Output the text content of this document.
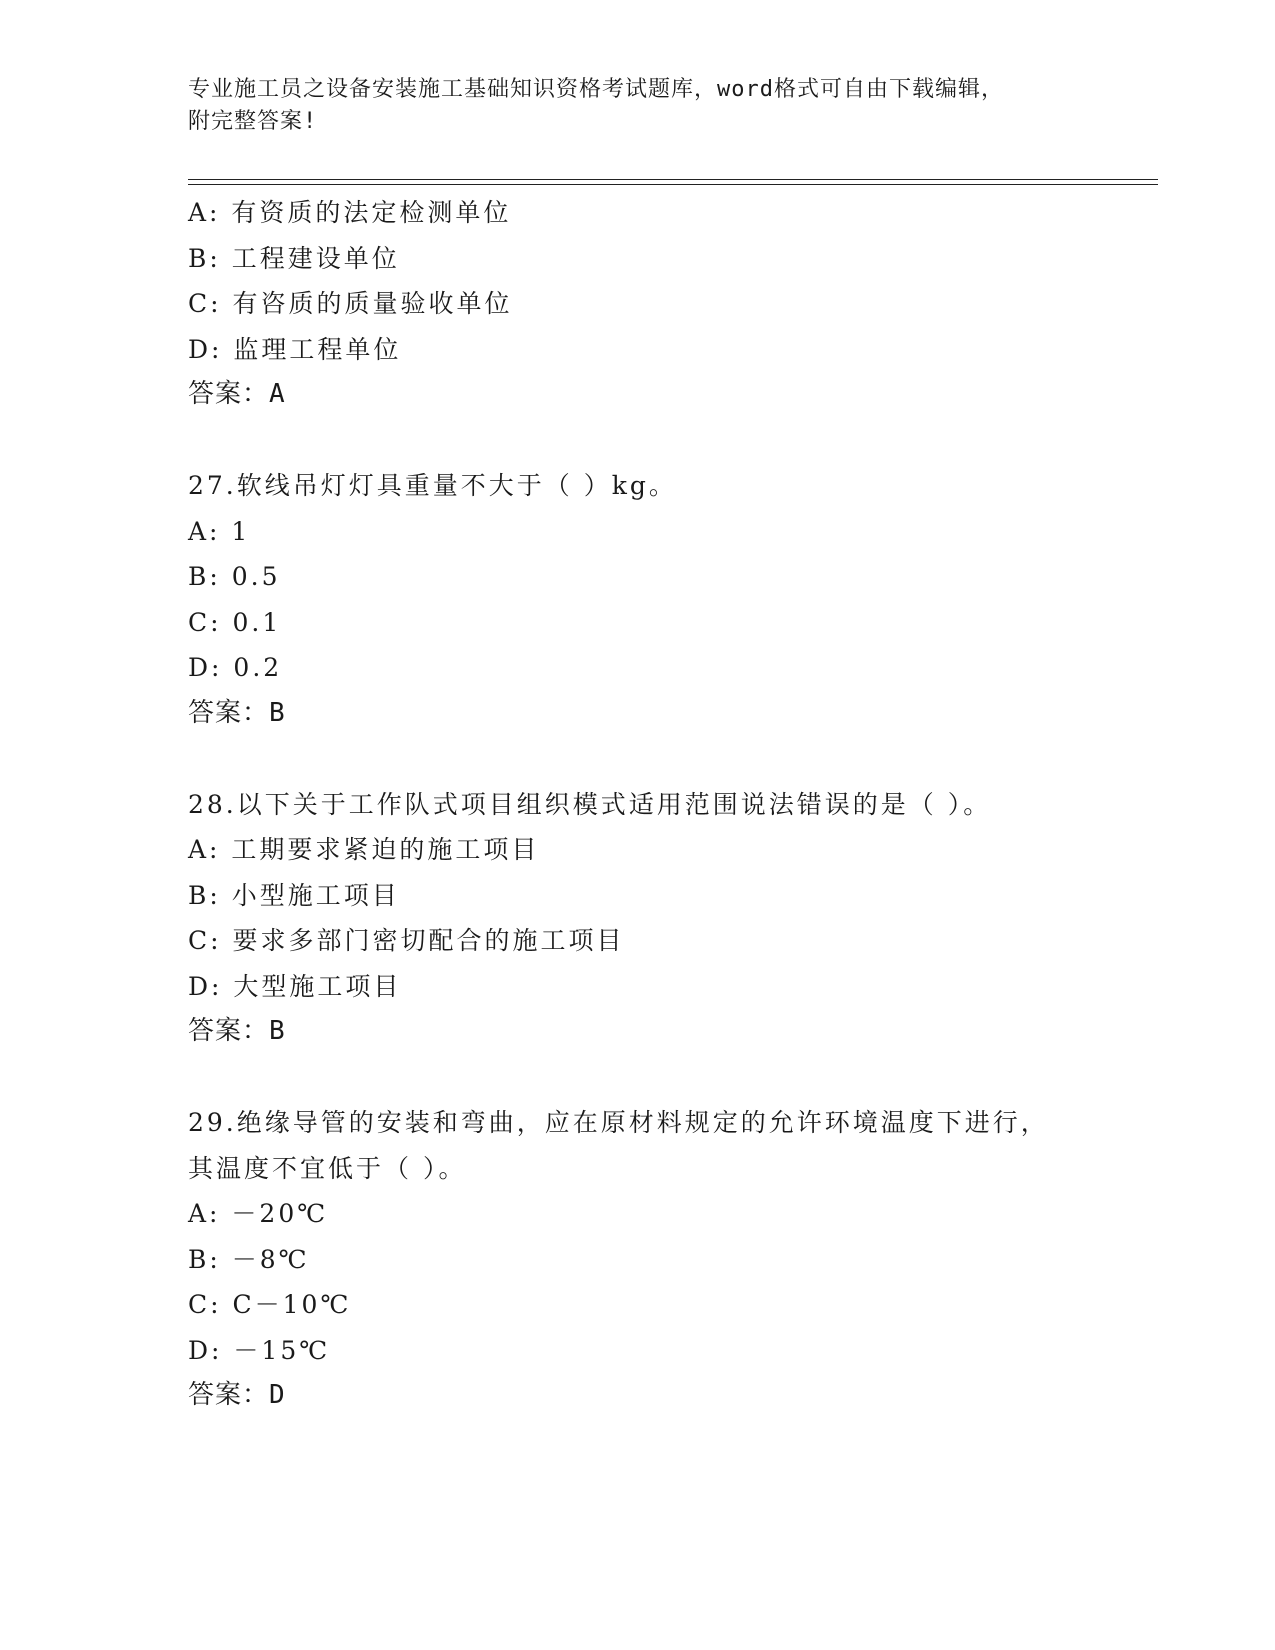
专业施工员之设备安装施工基础知识资格考试题库，word格式可自由下载编辑，
附完整答案!
A: 有资质的法定检测单位
B: 工程建设单位
C: 有咨质的质量验收单位
D: 监理工程单位
答案：A
27.软线吊灯灯具重量不大于（ ）kg。
A: 1
B: 0.5
C: 0.1
D: 0.2
答案：B
28.以下关于工作队式项目组织模式适用范围说法错误的是（ ）。
A: 工期要求紧迫的施工项目
B: 小型施工项目
C: 要求多部门密切配合的施工项目
D: 大型施工项目
答案：B
29.绝缘导管的安装和弯曲，应在原材料规定的允许环境温度下进行，
其温度不宜低于（ ）。
A: －20℃
B: －8℃
C: C－10℃
D: －15℃
答案：D
